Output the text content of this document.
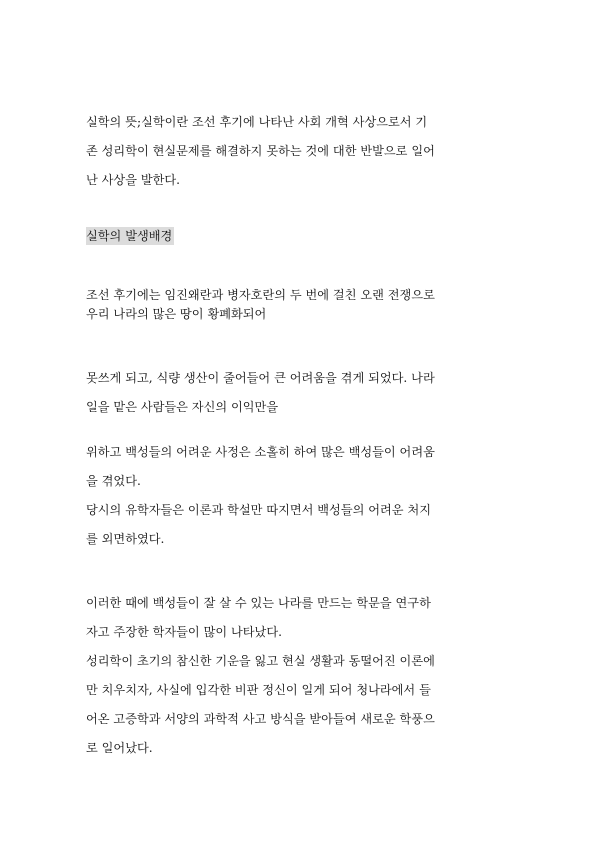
실학의 뜻;실학이란 조선 후기에 나타난 사회 개혁 사상으로서 기
존 성리학이 현실문제를 해결하지 못하는 것에 대한 반발으로 일어
난 사상을 발한다.
실학의 발생배경
조선 후기에는 임진왜란과 병자호란의 두 번에 걸친 오랜 전쟁으로
우리 나라의 많은 땅이 황폐화되어
못쓰게 되고, 식량 생산이 줄어들어 큰 어려움을 겪게 되었다. 나라
일을 맡은 사람들은 자신의 이익만을
위하고 백성들의 어려운 사정은 소홀히 하여 많은 백성들이 어려움
을 겪었다.
당시의 유학자들은 이론과 학설만 따지면서 백성들의 어려운 처지
를 외면하였다.
이러한 때에 백성들이 잘 살 수 있는 나라를 만드는 학문을 연구하
자고 주장한 학자들이 많이 나타났다.
성리학이 초기의 참신한 기운을 잃고 현실 생활과 동떨어진 이론에
만 치우치자, 사실에 입각한 비판 정신이 일게 되어 청나라에서 들
어온 고증학과 서양의 과학적 사고 방식을 받아들여 새로운 학풍으
로 일어났다.
